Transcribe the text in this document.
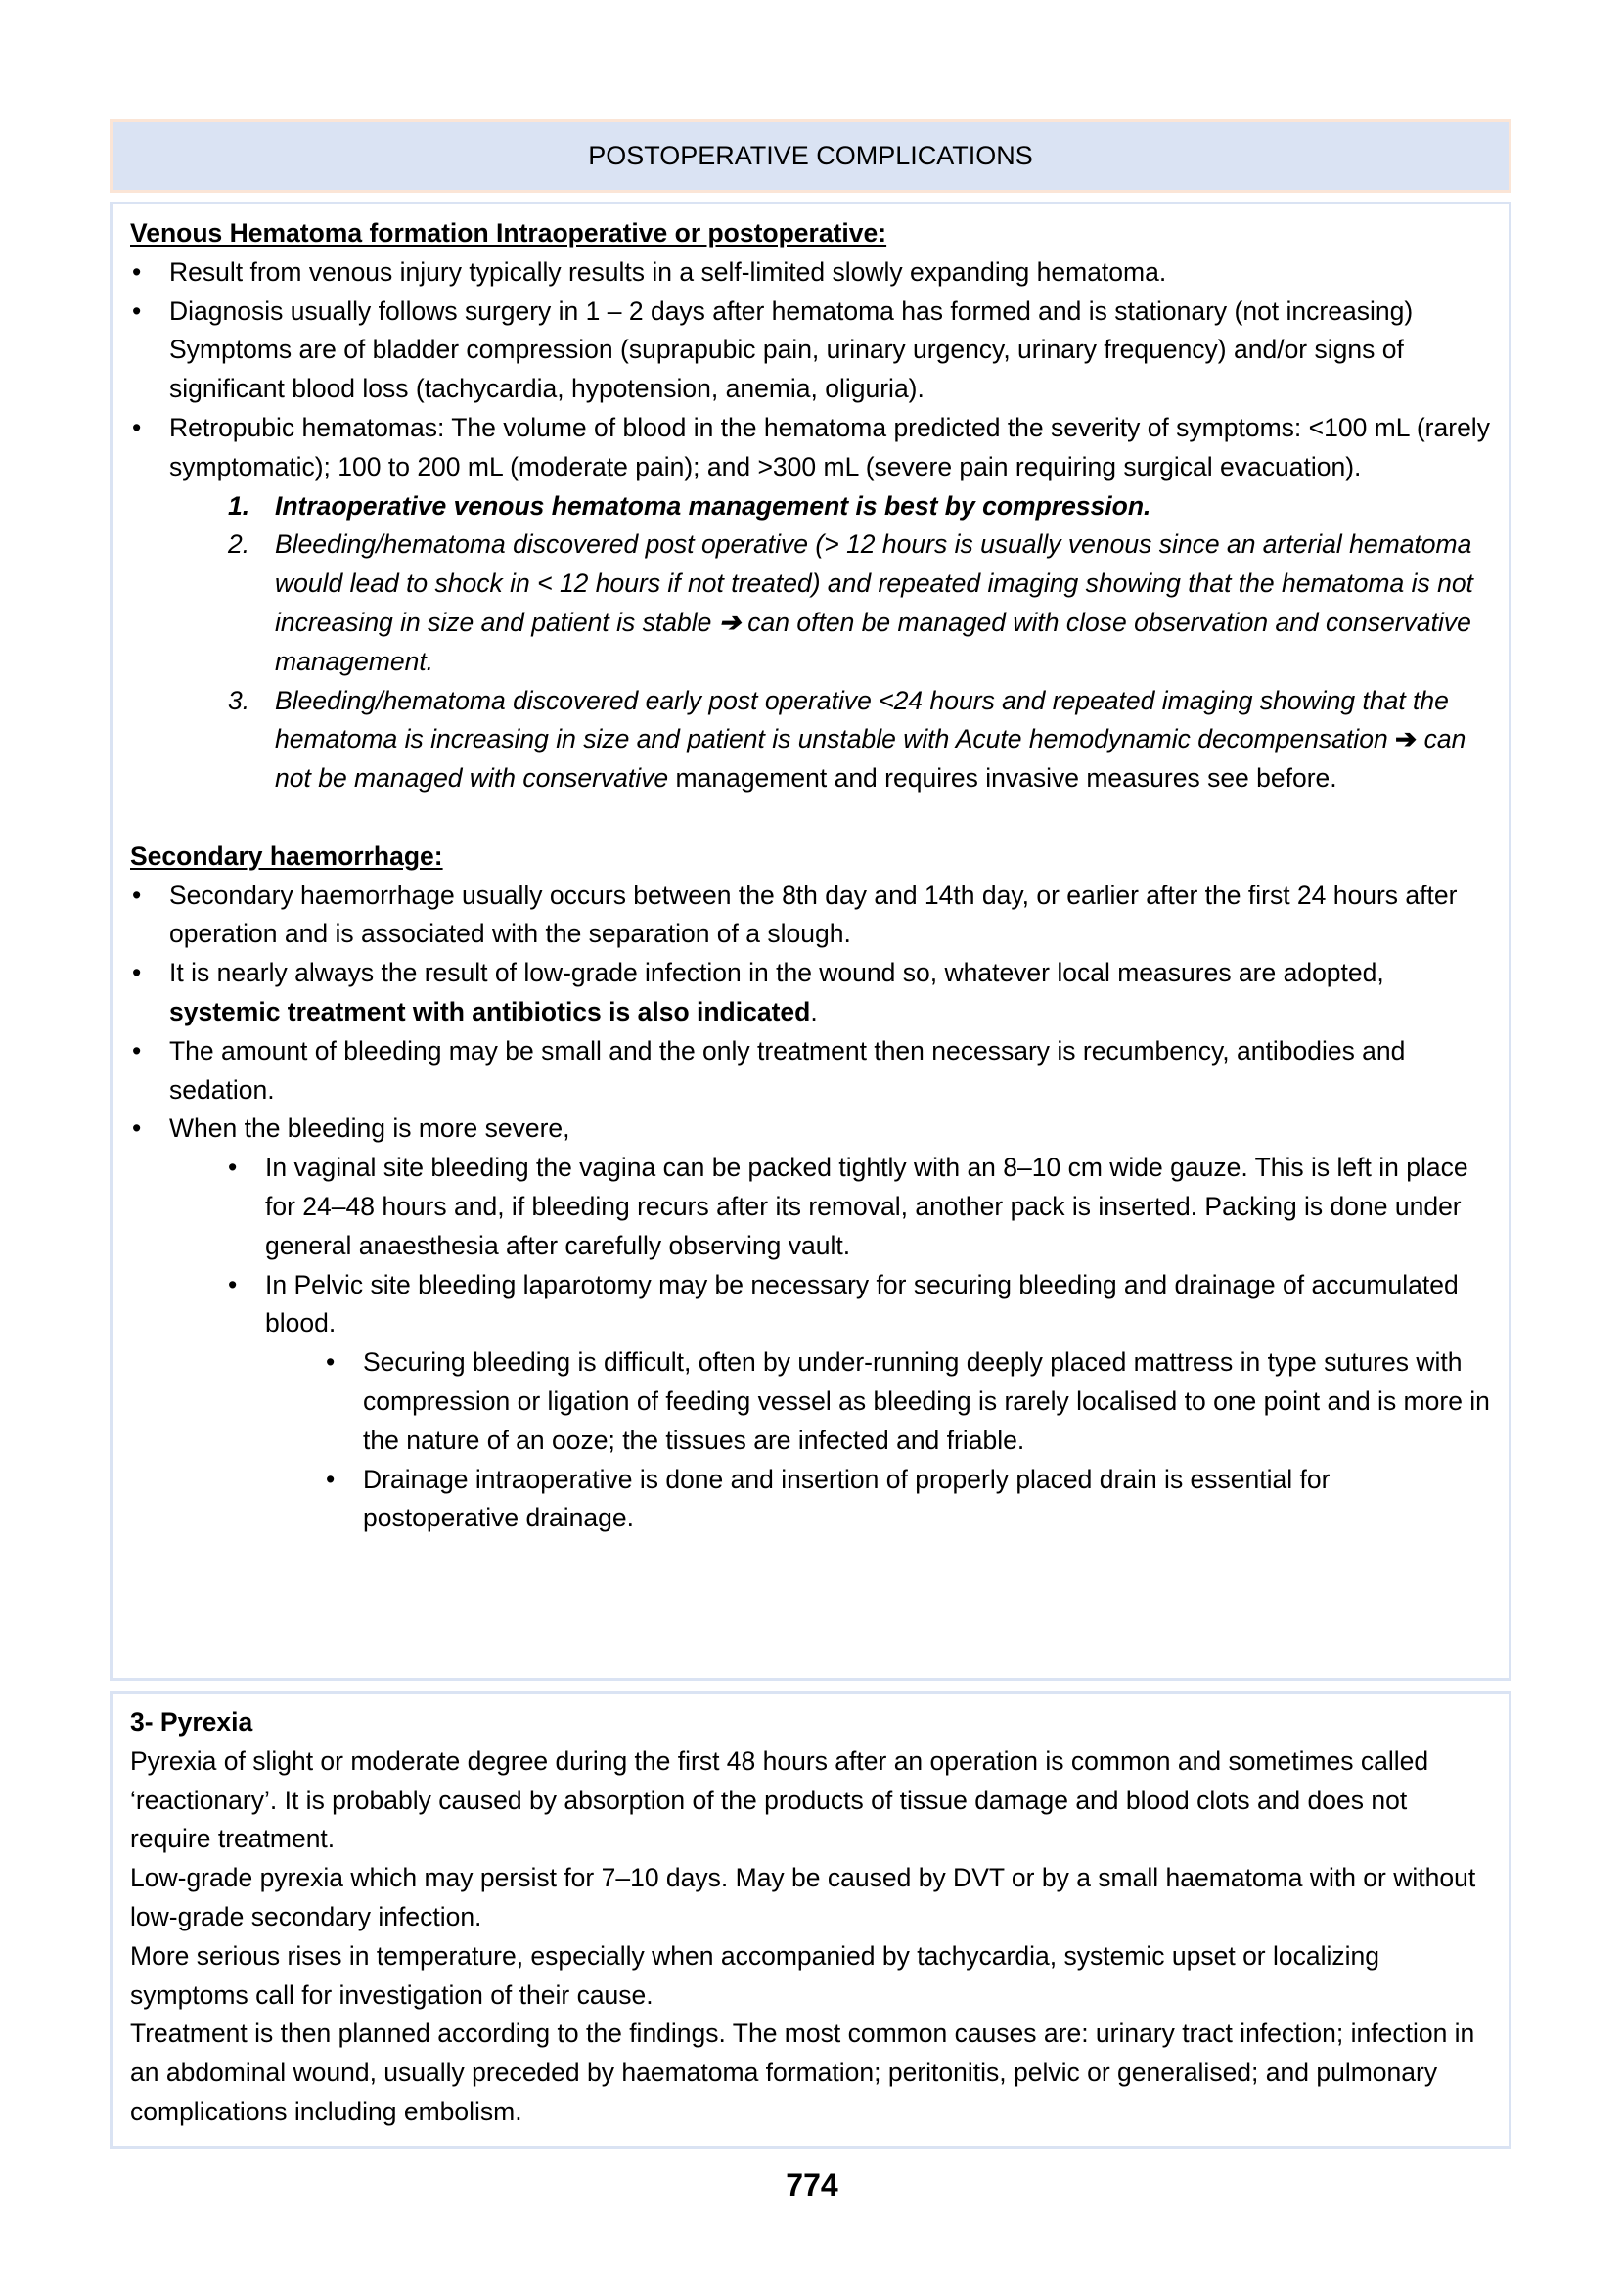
POSTOPERATIVE COMPLICATIONS
Venous Hematoma formation Intraoperative or postoperative:
•	Result from venous injury typically results in a self-limited slowly expanding hematoma.
•	Diagnosis usually follows surgery in 1 – 2 days after hematoma has formed and is stationary (not increasing) Symptoms are of bladder compression (suprapubic pain, urinary urgency, urinary frequency) and/or signs of significant blood loss (tachycardia, hypotension, anemia, oliguria).
•	Retropubic hematomas: The volume of blood in the hematoma predicted the severity of symptoms: <100 mL (rarely symptomatic); 100 to 200 mL (moderate pain); and >300 mL (severe pain requiring surgical evacuation).
1. Intraoperative venous hematoma management is best by compression.
2. Bleeding/hematoma discovered post operative (> 12 hours is usually venous since an arterial hematoma would lead to shock in < 12 hours if not treated) and repeated imaging showing that the hematoma is not increasing in size and patient is stable ➔ can often be managed with close observation and conservative management.
3. Bleeding/hematoma discovered early post operative <24 hours and repeated imaging showing that the hematoma is increasing in size and patient is unstable with Acute hemodynamic decompensation ➔ can not be managed with conservative management and requires invasive measures see before.
Secondary haemorrhage:
•	Secondary haemorrhage usually occurs between the 8th day and 14th day, or earlier after the first 24 hours after operation and is associated with the separation of a slough.
•	It is nearly always the result of low-grade infection in the wound so, whatever local measures are adopted, systemic treatment with antibiotics is also indicated.
•	The amount of bleeding may be small and the only treatment then necessary is recumbency, antibodies and sedation.
•	When the bleeding is more severe,
•	In vaginal site bleeding the vagina can be packed tightly with an 8–10 cm wide gauze. This is left in place for 24–48 hours and, if bleeding recurs after its removal, another pack is inserted. Packing is done under general anaesthesia after carefully observing vault.
•	In Pelvic site bleeding laparotomy may be necessary for securing bleeding and drainage of accumulated blood.
•	Securing bleeding is difficult, often by under-running deeply placed mattress in type sutures with compression or ligation of feeding vessel as bleeding is rarely localised to one point and is more in the nature of an ooze; the tissues are infected and friable.
•	Drainage intraoperative is done and insertion of properly placed drain is essential for postoperative drainage.
3- Pyrexia
Pyrexia of slight or moderate degree during the first 48 hours after an operation is common and sometimes called ‘reactionary’. It is probably caused by absorption of the products of tissue damage and blood clots and does not require treatment.
Low-grade pyrexia which may persist for 7–10 days. May be caused by DVT or by a small haematoma with or without low-grade secondary infection.
More serious rises in temperature, especially when accompanied by tachycardia, systemic upset or localizing symptoms call for investigation of their cause.
Treatment is then planned according to the findings. The most common causes are: urinary tract infection; infection in an abdominal wound, usually preceded by haematoma formation; peritonitis, pelvic or generalised; and pulmonary complications including embolism.
774
